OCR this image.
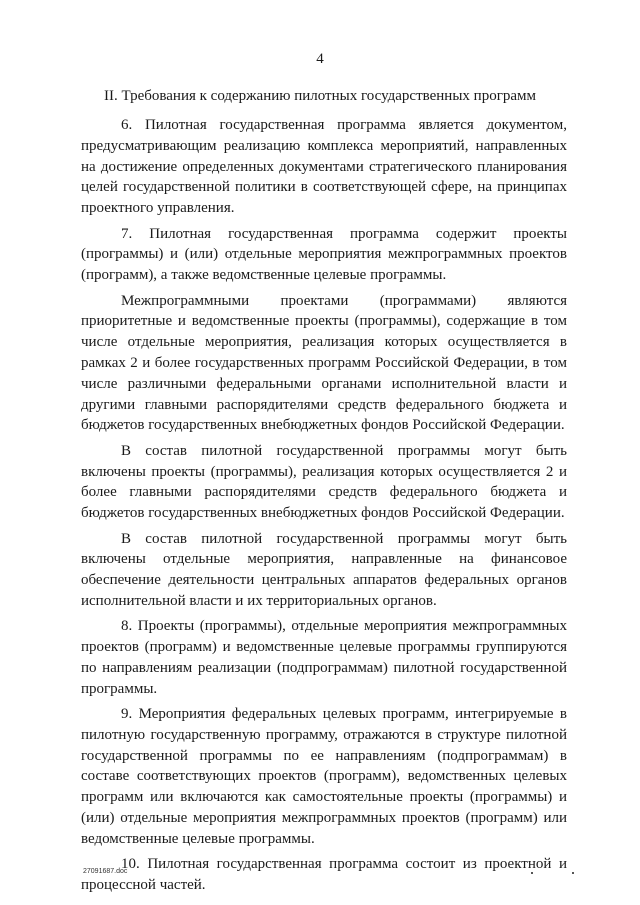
4
II. Требования к содержанию пилотных государственных программ

6. Пилотная государственная программа является документом, предусматривающим реализацию комплекса мероприятий, направленных на достижение определенных документами стратегического планирования целей государственной политики в соответствующей сфере, на принципах проектного управления.

7. Пилотная государственная программа содержит проекты (программы) и (или) отдельные мероприятия межпрограммных проектов (программ), а также ведомственные целевые программы.

Межпрограммными проектами (программами) являются приоритетные и ведомственные проекты (программы), содержащие в том числе отдельные мероприятия, реализация которых осуществляется в рамках 2 и более государственных программ Российской Федерации, в том числе различными федеральными органами исполнительной власти и другими главными распорядителями средств федерального бюджета и бюджетов государственных внебюджетных фондов Российской Федерации.

В состав пилотной государственной программы могут быть включены проекты (программы), реализация которых осуществляется 2 и более главными распорядителями средств федерального бюджета и бюджетов государственных внебюджетных фондов Российской Федерации.

В состав пилотной государственной программы могут быть включены отдельные мероприятия, направленные на финансовое обеспечение деятельности центральных аппаратов федеральных органов исполнительной власти и их территориальных органов.

8. Проекты (программы), отдельные мероприятия межпрограммных проектов (программ) и ведомственные целевые программы группируются по направлениям реализации (подпрограммам) пилотной государственной программы.

9. Мероприятия федеральных целевых программ, интегрируемые в пилотную государственную программу, отражаются в структуре пилотной государственной программы по ее направлениям (подпрограммам) в составе соответствующих проектов (программ), ведомственных целевых программ или включаются как самостоятельные проекты (программы) и (или) отдельные мероприятия межпрограммных проектов (программ) или ведомственные целевые программы.

10. Пилотная государственная программа состоит из проектной и процессной частей.

27091687.doc
